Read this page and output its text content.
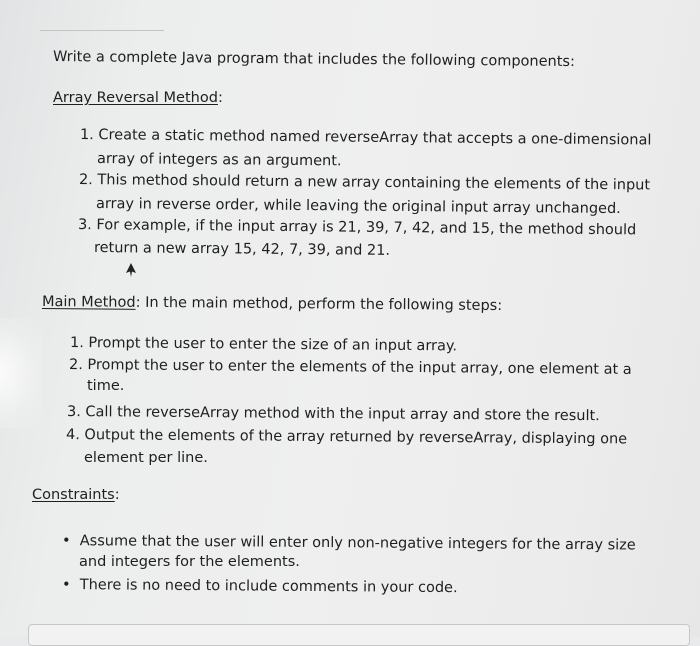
Write a complete Java program that includes the following components:
Array Reversal Method:
1. Create a static method named reverseArray that accepts a one-dimensional
array of integers as an argument.
2. This method should return a new array containing the elements of the input
array in reverse order, while leaving the original input array unchanged.
3. For example, if the input array is 21, 39, 7, 42, and 15, the method should
return a new array 15, 42, 7, 39, and 21.
Main Method: In the main method, perform the following steps:
1. Prompt the user to enter the size of an input array.
2. Prompt the user to enter the elements of the input array, one element at a
time.
3. Call the reverseArray method with the input array and store the result.
4. Output the elements of the array returned by reverseArray, displaying one
element per line.
Constraints:
• Assume that the user will enter only non-negative integers for the array size
and integers for the elements.
• There is no need to include comments in your code.
